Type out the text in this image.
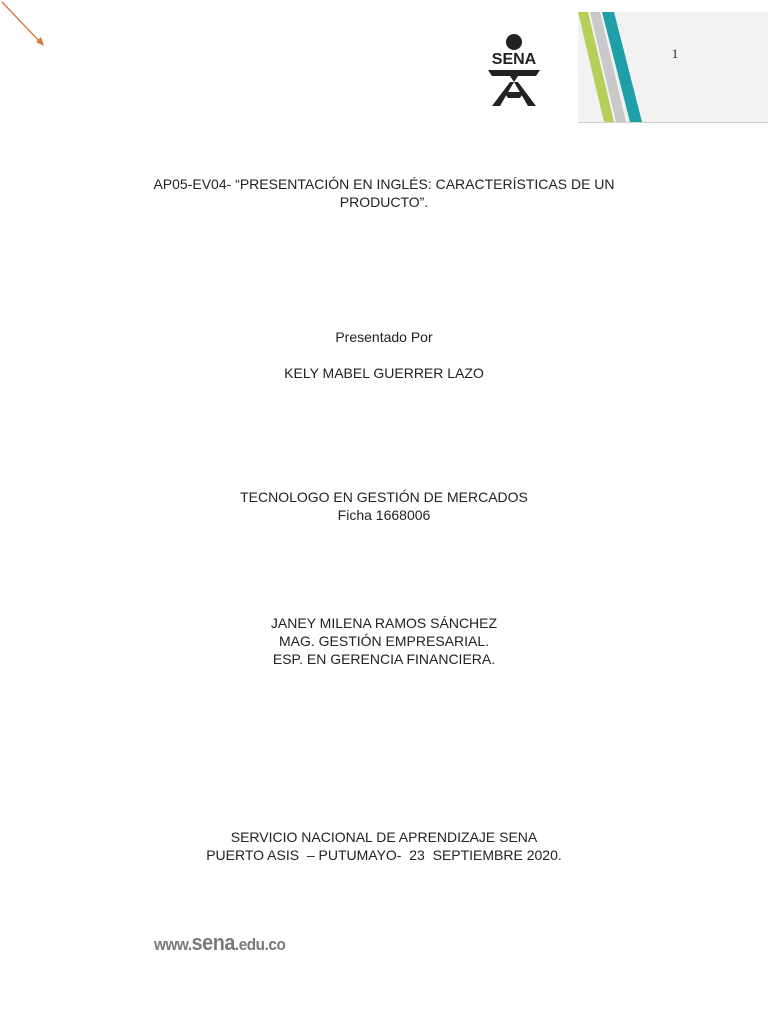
1
SENA
AP05-EV04- “PRESENTACIÓN EN INGLÉS: CARACTERÍSTICAS DE UN
PRODUCTO”.
Presentado Por
KELY MABEL GUERRER LAZO
TECNOLOGO EN GESTIÓN DE MERCADOS
Ficha 1668006
JANEY MILENA RAMOS SÁNCHEZ
MAG. GESTIÓN EMPRESARIAL.
ESP. EN GERENCIA FINANCIERA.
SERVICIO NACIONAL DE APRENDIZAJE SENA
PUERTO ASIS  – PUTUMAYO-  23  SEPTIEMBRE 2020.
www.sena.edu.co
